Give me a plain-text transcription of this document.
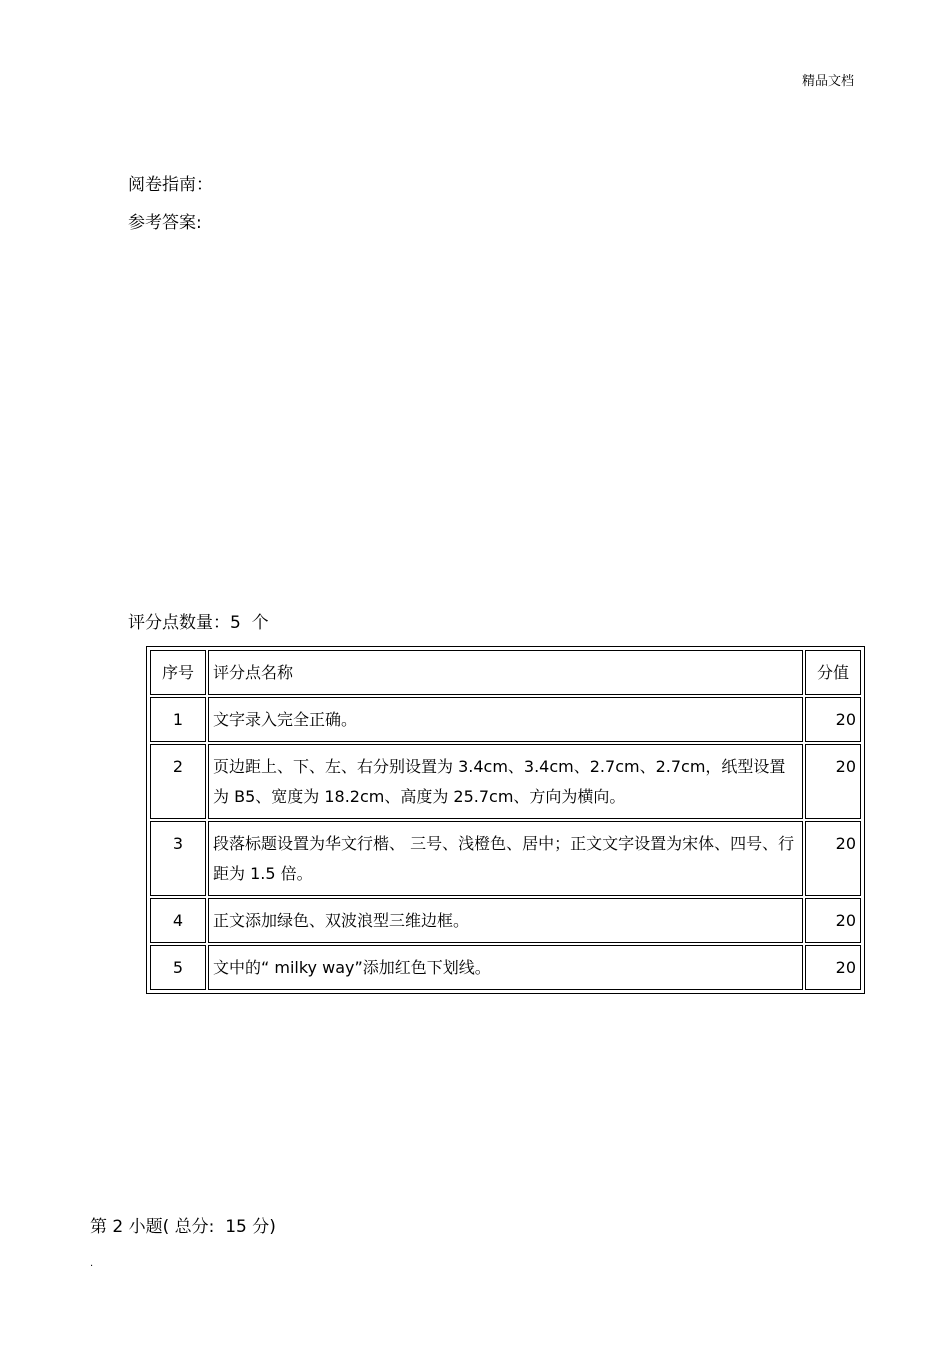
精品文档
阅卷指南：
参考答案:
评分点数量：5  个
序号	评分点名称	分值
1	文字录入完全正确。	20
2	页边距上、下、左、右分别设置为 3.4cm、3.4cm、2.7cm、2.7cm，纸型设置为 B5、宽度为 18.2cm、高度为 25.7cm、方向为横向。	20
3	段落标题设置为华文行楷、 三号、浅橙色、居中；正文文字设置为宋体、四号、行距为 1.5 倍。	20
4	正文添加绿色、双波浪型三维边框。	20
5	文中的“ milky way”添加红色下划线。	20
第 2 小题( 总分:  15 分)
.
